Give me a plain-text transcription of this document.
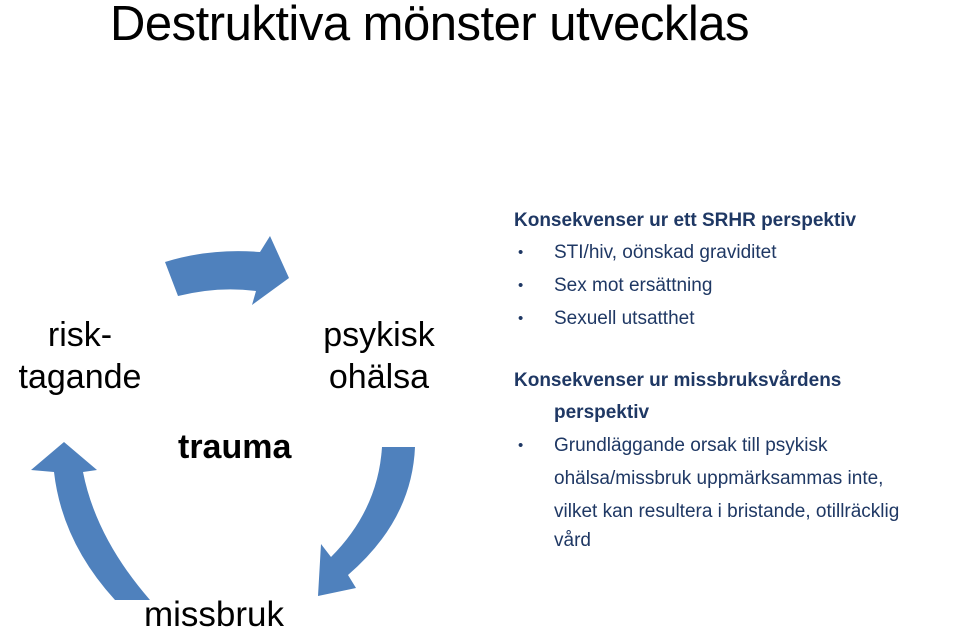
Destruktiva mönster utvecklas
risk-
tagande
psykisk
ohälsa
trauma
missbruk

Konsekvenser ur ett SRHR perspektiv

• STI/hiv, oönskad graviditet
• Sex mot ersättning
• Sexuell utsatthet
Konsekvenser ur missbruksvårdens
perspektiv
• Grundläggande orsak till psykisk
ohälsa/missbruk uppmärksammas inte,
vilket kan resultera i bristande, otillräcklig
vård
